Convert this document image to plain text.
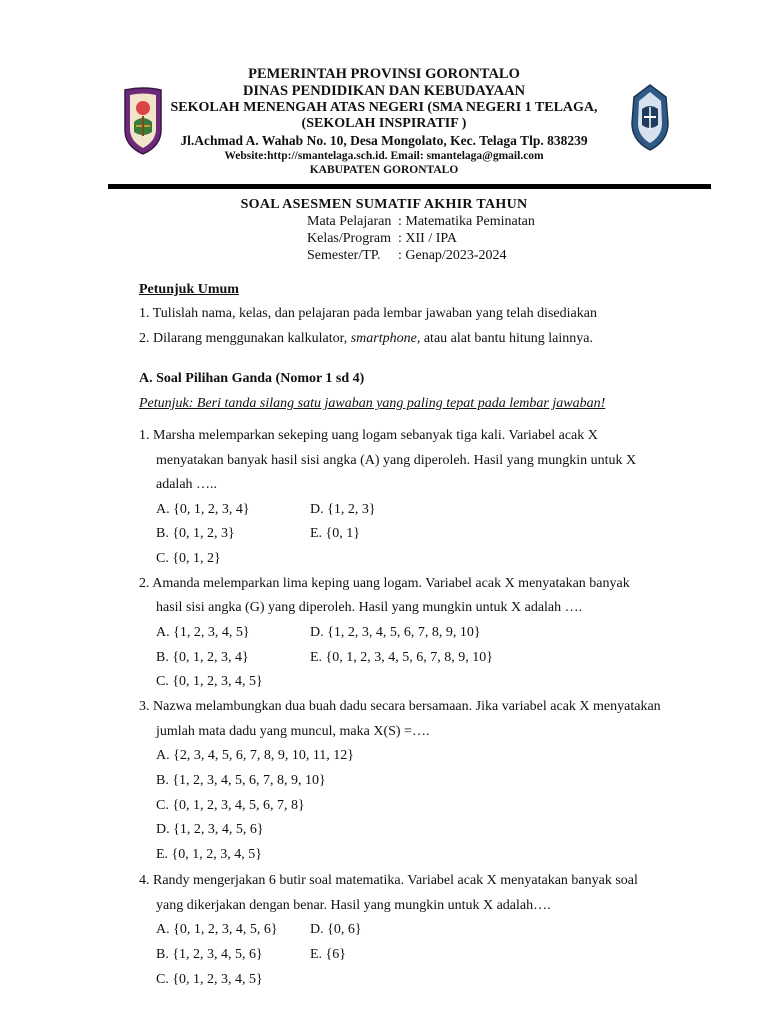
PEMERINTAH PROVINSI GORONTALO
DINAS PENDIDIKAN DAN KEBUDAYAAN
SEKOLAH MENENGAH ATAS NEGERI (SMA NEGERI 1 TELAGA,
(SEKOLAH INSPIRATIF )
Jl.Achmad A. Wahab No. 10, Desa Mongolato, Kec. Telaga Tlp. 838239
Website:http://smantelaga.sch.id. Email: smantelaga@gmail.com
KABUPATEN GORONTALO
SOAL ASESMEN SUMATIF AKHIR TAHUN
Mata Pelajaran : Matematika Peminatan
Kelas/Program : XII / IPA
Semester/TP. : Genap/2023-2024
Petunjuk Umum
1. Tulislah nama, kelas, dan pelajaran pada lembar jawaban yang telah disediakan
2. Dilarang menggunakan kalkulator, smartphone, atau alat bantu hitung lainnya.
A. Soal Pilihan Ganda (Nomor 1 sd 4)
Petunjuk: Beri tanda silang satu jawaban yang paling tepat pada lembar jawaban!
1. Marsha melemparkan sekeping uang logam sebanyak tiga kali. Variabel acak X
menyatakan banyak hasil sisi angka (A) yang diperoleh. Hasil yang mungkin untuk X
adalah …..
A. {0, 1, 2, 3, 4}	D. {1, 2, 3}
B. {0, 1, 2, 3}	E. {0, 1}
C. {0, 1, 2}
2. Amanda melemparkan lima keping uang logam. Variabel acak X menyatakan banyak
hasil sisi angka (G) yang diperoleh. Hasil yang mungkin untuk X adalah ….
A. {1, 2, 3, 4, 5}	D. {1, 2, 3, 4, 5, 6, 7, 8, 9, 10}
B. {0, 1, 2, 3, 4}	E. {0, 1, 2, 3, 4, 5, 6, 7, 8, 9, 10}
C. {0, 1, 2, 3, 4, 5}
3. Nazwa melambungkan dua buah dadu secara bersamaan. Jika variabel acak X menyatakan
jumlah mata dadu yang muncul, maka X(S) =….
A. {2, 3, 4, 5, 6, 7, 8, 9, 10, 11, 12}
B. {1, 2, 3, 4, 5, 6, 7, 8, 9, 10}
C. {0, 1, 2, 3, 4, 5, 6, 7, 8}
D. {1, 2, 3, 4, 5, 6}
E. {0, 1, 2, 3, 4, 5}
4. Randy mengerjakan 6 butir soal matematika. Variabel acak X menyatakan banyak soal
yang dikerjakan dengan benar. Hasil yang mungkin untuk X adalah….
A. {0, 1, 2, 3, 4, 5, 6} D. {0, 6}
B. {1, 2, 3, 4, 5, 6}	E. {6}
C. {0, 1, 2, 3, 4, 5}
